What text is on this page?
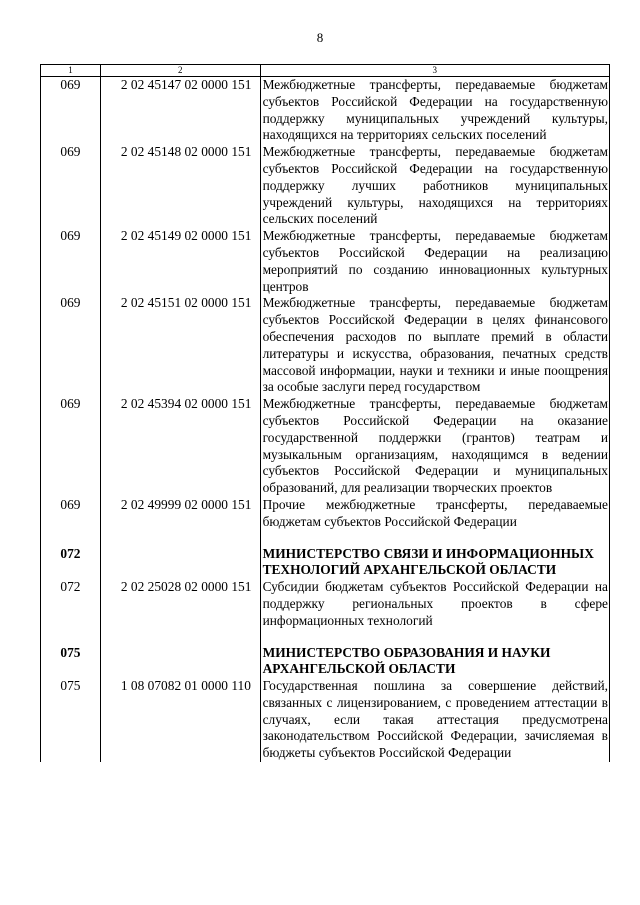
8
1	2	3
069	2 02 45147 02 0000 151	Межбюджетные трансферты, передаваемые бюджетам субъектов Российской Федерации на государственную поддержку муниципальных учреждений культуры, находящихся на территориях сельских поселений
069	2 02 45148 02 0000 151	Межбюджетные трансферты, передаваемые бюджетам субъектов Российской Федерации на государственную поддержку лучших работников муниципальных учреждений культуры, находящихся на территориях сельских поселений
069	2 02 45149 02 0000 151	Межбюджетные трансферты, передаваемые бюджетам субъектов Российской Федерации на реализацию мероприятий по созданию инновационных культурных центров
069	2 02 45151 02 0000 151	Межбюджетные трансферты, передаваемые бюджетам субъектов Российской Федерации в целях финансового обеспечения расходов по выплате премий в области литературы и искусства, образования, печатных средств массовой информации, науки и техники и иные поощрения за особые заслуги перед государством
069	2 02 45394 02 0000 151	Межбюджетные трансферты, передаваемые бюджетам субъектов Российской Федерации на оказание государственной поддержки (грантов) театрам и музыкальным организациям, находящимся в ведении субъектов Российской Федерации и муниципальных образований, для реализации творческих проектов
069	2 02 49999 02 0000 151	Прочие межбюджетные трансферты, передаваемые бюджетам субъектов Российской Федерации
072		МИНИСТЕРСТВО СВЯЗИ И ИНФОРМАЦИОННЫХ ТЕХНОЛОГИЙ АРХАНГЕЛЬСКОЙ ОБЛАСТИ
072	2 02 25028 02 0000 151	Субсидии бюджетам субъектов Российской Федерации на поддержку региональных проектов в сфере информационных технологий
075		МИНИСТЕРСТВО ОБРАЗОВАНИЯ И НАУКИ АРХАНГЕЛЬСКОЙ ОБЛАСТИ
075	1 08 07082 01 0000 110	Государственная пошлина за совершение действий, связанных с лицензированием, с проведением аттестации в случаях, если такая аттестация предусмотрена законодательством Российской Федерации, зачисляемая в бюджеты субъектов Российской Федерации
